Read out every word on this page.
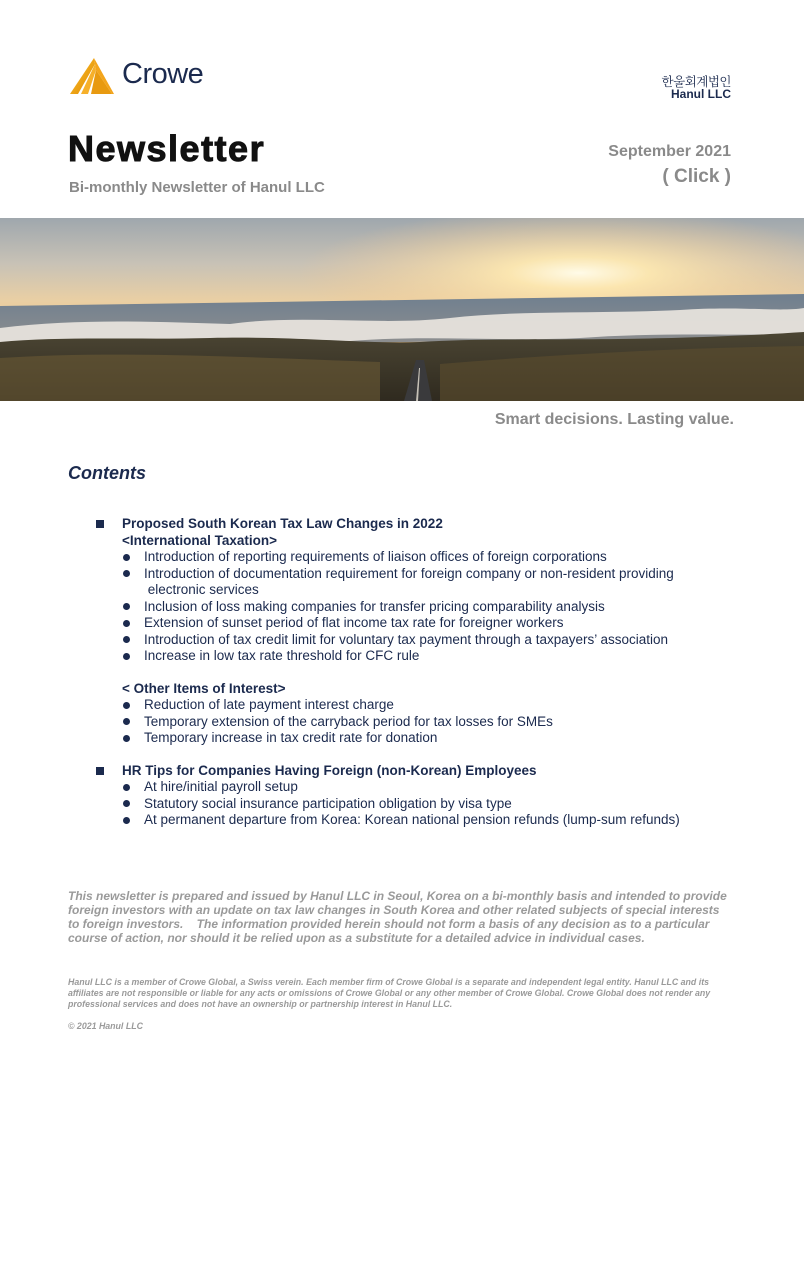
Crowe	한울회계법인
Hanul LLC
Newsletter
Bi-monthly Newsletter of Hanul LLC
September 2021
( Click )
Smart decisions. Lasting value.
Contents
Proposed South Korean Tax Law Changes in 2022
<International Taxation>
Introduction of reporting requirements of liaison offices of foreign corporations
Introduction of documentation requirement for foreign company or non-resident providing
electronic services
Inclusion of loss making companies for transfer pricing comparability analysis
Extension of sunset period of flat income tax rate for foreigner workers
Introduction of tax credit limit for voluntary tax payment through a taxpayers’ association
Increase in low tax rate threshold for CFC rule
< Other Items of Interest>
Reduction of late payment interest charge
Temporary extension of the carryback period for tax losses for SMEs
Temporary increase in tax credit rate for donation
HR Tips for Companies Having Foreign (non-Korean) Employees
At hire/initial payroll setup
Statutory social insurance participation obligation by visa type
At permanent departure from Korea: Korean national pension refunds (lump-sum refunds)
This newsletter is prepared and issued by Hanul LLC in Seoul, Korea on a bi-monthly basis and intended to provide foreign investors with an update on tax law changes in South Korea and other related subjects of special interests to foreign investors.    The information provided herein should not form a basis of any decision as to a particular course of action, nor should it be relied upon as a substitute for a detailed advice in individual cases.
Hanul LLC is a member of Crowe Global, a Swiss verein. Each member firm of Crowe Global is a separate and independent legal entity. Hanul LLC and its affiliates are not responsible or liable for any acts or omissions of Crowe Global or any other member of Crowe Global. Crowe Global does not render any professional services and does not have an ownership or partnership interest in Hanul LLC.
© 2021 Hanul LLC
